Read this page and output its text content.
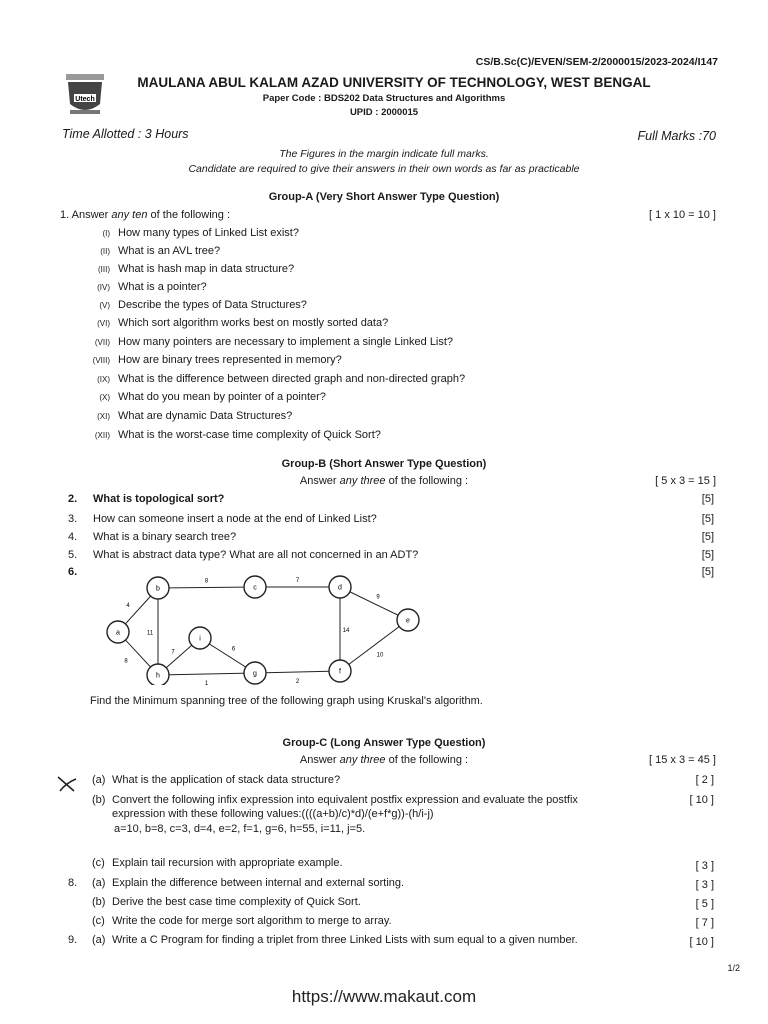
CS/B.Sc(C)/EVEN/SEM-2/2000015/2023-2024/I147
Utech
MAULANA ABUL KALAM AZAD UNIVERSITY OF TECHNOLOGY, WEST BENGAL
Paper Code : BDS202 Data Structures and Algorithms
UPID : 2000015
Time Allotted : 3 Hours	Full Marks :70
The Figures in the margin indicate full marks.
Candidate are required to give their answers in their own words as far as practicable
Group-A (Very Short Answer Type Question)
1. Answer any ten of the following :	[ 1 x 10 = 10 ]
(I) How many types of Linked List exist?
(II) What is an AVL tree?
(III) What is hash map in data structure?
(IV) What is a pointer?
(V) Describe the types of Data Structures?
(VI) Which sort algorithm works best on mostly sorted data?
(VII) How many pointers are necessary to implement a single Linked List?
(VIII) How are binary trees represented in memory?
(IX) What is the difference between directed graph and non-directed graph?
(X) What do you mean by pointer of a pointer?
(XI) What are dynamic Data Structures?
(XII) What is the worst-case time complexity of Quick Sort?
Group-B (Short Answer Type Question)
Answer any three of the following :	[ 5 x 3 = 15 ]
2. What is topological sort?	[5]
3. How can someone insert a node at the end of Linked List?	[5]
4. What is a binary search tree?	[5]
5. What is abstract data type? What are all not concerned in an ADT?	[5]
6.	[5]
4
8
8
11
7
9
14
10
2
1
7	6
a
b	c	d
e
f
g
h
i
Find the Minimum spanning tree of the following graph using Kruskal's algorithm.
Group-C (Long Answer Type Question)
Answer any three of the following :	[ 15 x 3 = 45 ]
(a) What is the application of stack data structure?	[ 2 ]
(b) Convert the following infix expression into equivalent postfix expression and evaluate the postfix	[ 10 ]
expression with these following values:((((a+b)/c)*d)/(e+f*g))-(h/i-j)
a=10, b=8, c=3, d=4, e=2, f=1, g=6, h=55, i=11, j=5.
(c) Explain tail recursion with appropriate example.	[ 3 ]
8. (a) Explain the difference between internal and external sorting.	[ 3 ]
(b) Derive the best case time complexity of Quick Sort.	[ 5 ]
(c) Write the code for merge sort algorithm to merge to array.	[ 7 ]
9. (a) Write a C Program for finding a triplet from three Linked Lists with sum equal to a given number.	[ 10 ]
1/2
https://www.makaut.com
